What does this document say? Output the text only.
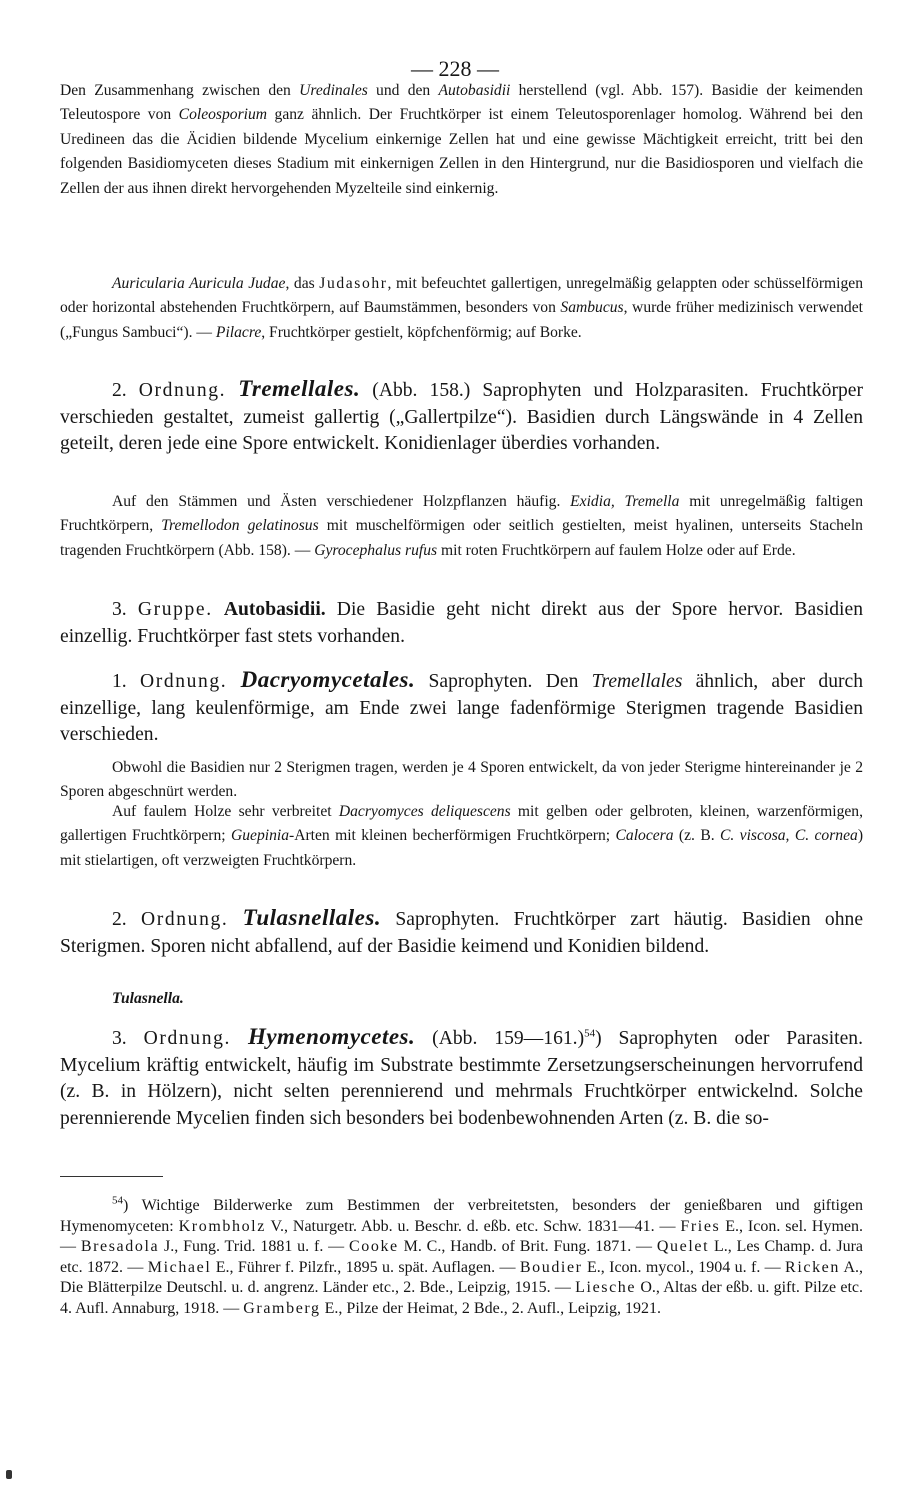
— 228 —

Den Zusammenhang zwischen den Uredinales und den Autobasidii herstellend (vgl. Abb. 157). Basidie der keimenden Teleutospore von Coleosporium ganz ähnlich. Der Fruchtkörper ist einem Teleutosporenlager homolog. Während bei den Uredineen das die Äcidien bildende Mycelium einkernige Zellen hat und eine gewisse Mächtigkeit erreicht, tritt bei den folgenden Basidiomyceten dieses Stadium mit einkernigen Zellen in den Hintergrund, nur die Basidiosporen und vielfach die Zellen der aus ihnen direkt hervorgehenden Myzelteile sind einkernig.

Auricularia Auricula Judae, das Judasohr, mit befeuchtet gallertigen, unregelmäßig gelappten oder schüsselförmigen oder horizontal abstehenden Fruchtkörpern, auf Baumstämmen, besonders von Sambucus, wurde früher medizinisch verwendet („Fungus Sambuci“). — Pilacre, Fruchtkörper gestielt, köpfchenförmig; auf Borke.

2. Ordnung. Tremellales. (Abb. 158.) Saprophyten und Holzparasiten. Fruchtkörper verschieden gestaltet, zumeist gallertig („Gallertpilze“). Basidien durch Längswände in 4 Zellen geteilt, deren jede eine Spore entwickelt. Konidienlager überdies vorhanden.

Auf den Stämmen und Ästen verschiedener Holzpflanzen häufig. Exidia, Tremella mit unregelmäßig faltigen Fruchtkörpern, Tremellodon gelatinosus mit muschelförmigen oder seitlich gestielten, meist hyalinen, unterseits Stacheln tragenden Fruchtkörpern (Abb. 158). — Gyrocephalus rufus mit roten Fruchtkörpern auf faulem Holze oder auf Erde.

3. Gruppe. Autobasidii. Die Basidie geht nicht direkt aus der Spore hervor. Basidien einzellig. Fruchtkörper fast stets vorhanden.

1. Ordnung. Dacryomycetales. Saprophyten. Den Tremellales ähnlich, aber durch einzellige, lang keulenförmige, am Ende zwei lange fadenförmige Sterigmen tragende Basidien verschieden.

Obwohl die Basidien nur 2 Sterigmen tragen, werden je 4 Sporen entwickelt, da von jeder Sterigme hintereinander je 2 Sporen abgeschnürt werden.

Auf faulem Holze sehr verbreitet Dacryomyces deliquescens mit gelben oder gelbroten, kleinen, warzenförmigen, gallertigen Fruchtkörpern; Guepinia-Arten mit kleinen becherförmigen Fruchtkörpern; Calocera (z. B. C. viscosa, C. cornea) mit stielartigen, oft verzweigten Fruchtkörpern.

2. Ordnung. Tulasnellales. Saprophyten. Fruchtkörper zart häutig. Basidien ohne Sterigmen. Sporen nicht abfallend, auf der Basidie keimend und Konidien bildend.

Tulasnella.

3. Ordnung. Hymenomycetes. (Abb. 159—161.)$^{54}$) Saprophyten oder Parasiten. Mycelium kräftig entwickelt, häufig im Substrate bestimmte Zersetzungserscheinungen hervorrufend (z. B. in Hölzern), nicht selten perennierend und mehrmals Fruchtkörper entwickelnd. Solche perennierende Mycelien finden sich besonders bei bodenbewohnenden Arten (z. B. die so-

$^{54}$) Wichtige Bilderwerke zum Bestimmen der verbreitetsten, besonders der genießbaren und giftigen Hymenomyceten: Krombholz V., Naturgetr. Abb. u. Beschr. d. eßb. etc. Schw. 1831—41. — Fries E., Icon. sel. Hymen. — Bresadola J., Fung. Trid. 1881 u. f. — Cooke M. C., Handb. of Brit. Fung. 1871. — Quelet L., Les Champ. d. Jura etc. 1872. — Michael E., Führer f. Pilzfr., 1895 u. spät. Auflagen. — Boudier E., Icon. mycol., 1904 u. f. — Ricken A., Die Blätterpilze Deutschl. u. d. angrenz. Länder etc., 2. Bde., Leipzig, 1915. — Liesche O., Altas der eßb. u. gift. Pilze etc. 4. Aufl. Annaburg, 1918. — Gramberg E., Pilze der Heimat, 2 Bde., 2. Aufl., Leipzig, 1921.
